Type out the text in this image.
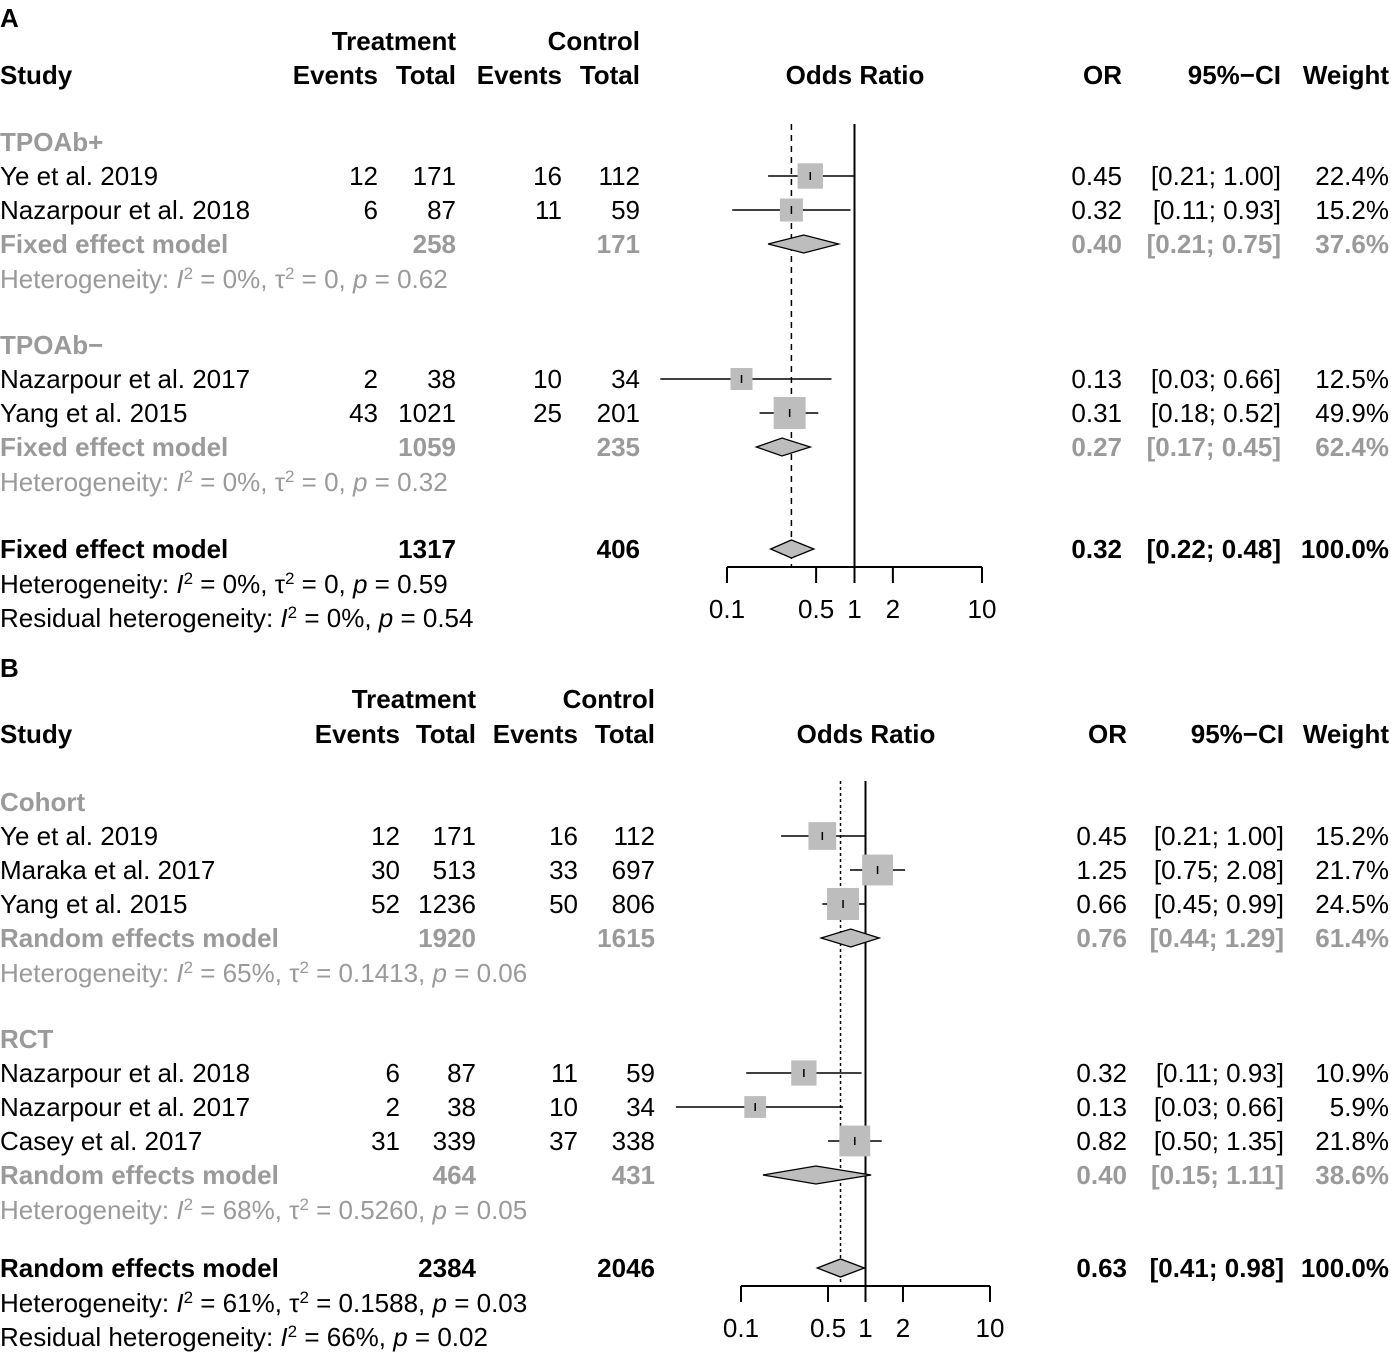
A
Treatment	Control
Study	Events Total Events Total	Odds Ratio	OR	95%−CI Weight
TPOAb+
Ye et al. 2019	12 171	16 112	0.45 [0.21; 1.00] 22.4%
Nazarpour et al. 2018	6 87	11 59	0.32 [0.11; 0.93] 15.2%
Fixed effect model	258	171	0.40 [0.21; 0.75] 37.6%
Heterogeneity: $I^2 = 0\%$, $\tau^2 = 0$, p = 0.62
TPOAb−
Nazarpour et al. 2017	2 38	10 34	0.13 [0.03; 0.66] 12.5%
Yang et al. 2015	43 1021	25 201	0.31 [0.18; 0.52] 49.9%
Fixed effect model	1059	235	0.27 [0.17; 0.45] 62.4%
Heterogeneity: $I^2 = 0\%$, $\tau^2 = 0$, p = 0.32
Fixed effect model	1317	406	0.32 [0.22; 0.48] 100.0%
Heterogeneity: $I^2 = 0\%$, $\tau^2 = 0$, p = 0.59
Residual heterogeneity: $I^2 = 0\%$, p = 0.54	0.1 0.5 1 2	10
B
Treatment	Control
Study	Events Total Events Total	Odds Ratio	OR 95%−CI Weight
Cohort
Ye et al. 2019	12 171	16 112	0.45 [0.21; 1.00] 15.2%
Maraka et al. 2017	30 513	33 697	1.25 [0.75; 2.08] 21.7%
Yang et al. 2015	52 1236	50 806	0.66 [0.45; 0.99] 24.5%
Random effects model	1920	1615	0.76 [0.44; 1.29] 61.4%
Heterogeneity: $I^2 = 65\%$, $\tau^2 = 0.1413$, p = 0.06
RCT
Nazarpour et al. 2018	6 87	11 59	0.32 [0.11; 0.93] 10.9%
Nazarpour et al. 2017	2 38	10 34	0.13 [0.03; 0.66] 5.9%
Casey et al. 2017	31 339	37 338	0.82 [0.50; 1.35] 21.8%
Random effects model	464	431	0.40 [0.15; 1.11] 38.6%
Heterogeneity: $I^2 = 68\%$, $\tau^2 = 0.5260$, p = 0.05
Random effects model	2384	2046	0.63 [0.41; 0.98] 100.0%
Heterogeneity: $I^2 = 61\%$, $\tau^2 = 0.1588$, p = 0.03
Residual heterogeneity: $I^2 = 66\%$, p = 0.02	0.1 0.5 1 2	10
